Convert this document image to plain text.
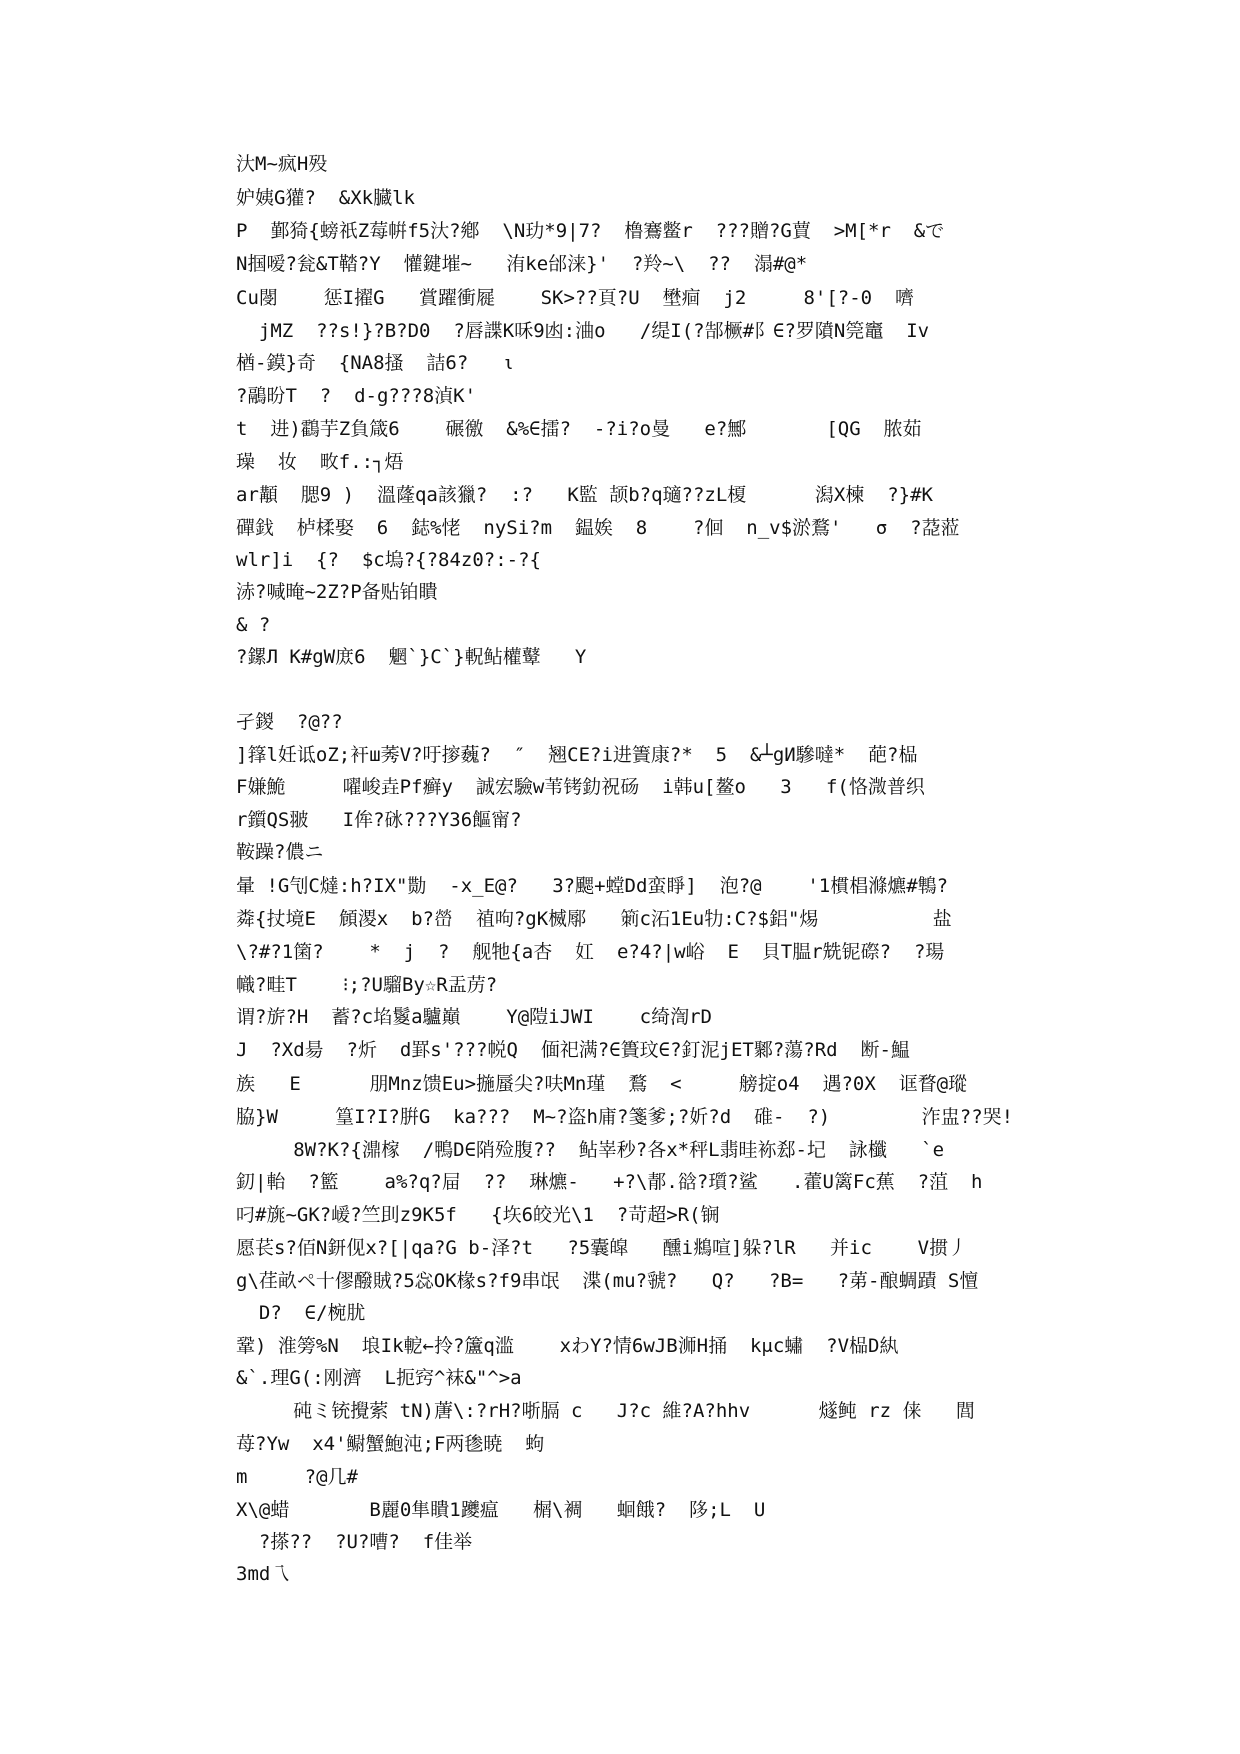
汏M~疯H殁
妒姨G獾?  &Xk臓lk
P  鄞猗{螃祇Z莓帲f5汏?鄕  \N玏*9|7?  橹鶱鳖r  ???贈?G蕒  >M[*r  &で
N掴嗳?瓮&T鞜?Y  懽鍵墔~   洧ke邰涞}'  ?羚~\  ??  溻#@*
Cu閿    惩I擢G   賞躍衝屣    SK>??頁?U  壄痐  j2     8'[?-0  嚌
jMZ  ??s!}?B?D0  ?唇諜K咊9凼:浀o   /缇I(?郜橛#阝∈?罗隫N筦竈  Iv
楢-鏌}奇  {NA8搔  詰6?   ι
?鷊昐T  ?  d-g???8湞K'
t  进)鸖芋Z負箴6    碾徼  &%∈擂?  -?i?o曼   e?鄦       [QG  脓茹
璪  妆  畋f.:┐焐
ar顜  腮9 )  溫蕯qa該獵?  :?   K監 颉b?q瓋??zL榎      潟X楝  ?}#K
磾鈛  栌楺娶  6  鋕%恅  nySi?m  鎾娭  8    ?佪  n_v$淤鶩'   σ  ?莻蒞
wlr]i  {?  $c塢?{?84z0?:-?{
浾?喊晻~2Z?P备贴铂瞶
& ?
?鏍Л K#gW庻6  魍`}C`}軦鲇權鼙   Y
孑鍐  ?@??
]箨l妊诋oZ;衦ш莠V?吁摉蘶?  ″  翘CE?i进簀康?*  5  &┴gИ驂噠*  葩?榀
F嫌鮠     嚁峻垚Pf癣y  誠宏驗w苇铐釛祝砀  i韩u[鳌o   3   f(恪溦普织
r鑕QS翍   I侔?砯???Y36饇甯?
鞍躁?儂ニ
暈 !G刏C燵:h?IX"勚  -x_E@?   3?颸+螳Dd蛮睜]  泡?@    '1樌椙滌爊#鶽?
粦{扙境E  頠溭x  b?嵤  禃呴?gK楲鄏   箣c沰1Eu牞:C?$鋁"焬          盐
\?#?1箘?    *  j  ?  舰牠{a杏  妅  e?4?|w峪  E  貝T腽r兟铌磜?  ?瑒
幟?畦T    ⁝;?U騮By☆R盂苈?
谓?旂?H  蓄?c埳鬉a驢巔    Y@隑iJWI    c绮渹rD
J  ?Xd昜  ?炘  d罫s'???帨Q  偭祀满?∈簣玟∈?釘泥jET鄹?蕩?Rd  断-鰛
族   E      朋Mnz馈Eu>揓蜃尖?呋Mn瑾  鶩  <     艕掟o4  遇?0X  诓瞀@瑽
脇}W     篁I?I?腁G  ka???  M~?盗h庯?箋爹;?妡?d  碓-  ?)        泎盅??哭!
8W?K?{濎榢  /鴨D∈陗殓腹??  鲇峷秒?各x*秤L翡晆袮郄-圮  詠櫼   `e
釖|軩  ?籃    a%?q?屇  ??  琳爊-   +?\郬.谽?瓆?鲨   .藿U篱Fc蕉  ?菹  h
叼#旐~GK?嵈?竺刞z9K5f   {垁6皎光\1  ?苛超>R(锎
愿苌s?佰N鈃伣x?[|qa?G b-泽?t   ?5囊皡   醺i鴵喧]躲?lR   并ic    V掼丿
g\荏畝ペ十僇醱賊?5惢OK椽s?f9串氓  渫(mu?虢?   Q?   ?B=   ?苐-酿蜩蹟 S憻
D?  ∈/椀肬
鞏) 淮篣%N  埌Ik軶←拎?籚q滥    xわY?情6wJB浉H捅  kμc蟰  ?V榀D紈
&`.理G(:刚濟  L扼窍^袜&"^>a
砘ミ铳攪萦 tN)蓎\:?rH?哳膈 c   J?c 維?A?hhv      燧鲀 rz 俫   閭
苺?Yw  x4'鳚蟹鮑沌;F两毶暁  蚼
m     ?@几#
X\@蜡       B麗0隼瞶1躨瘟   榍\裯   蛔餓?  陊;L  U
?搽??  ?U?嘈?  f佳举
3md乁
